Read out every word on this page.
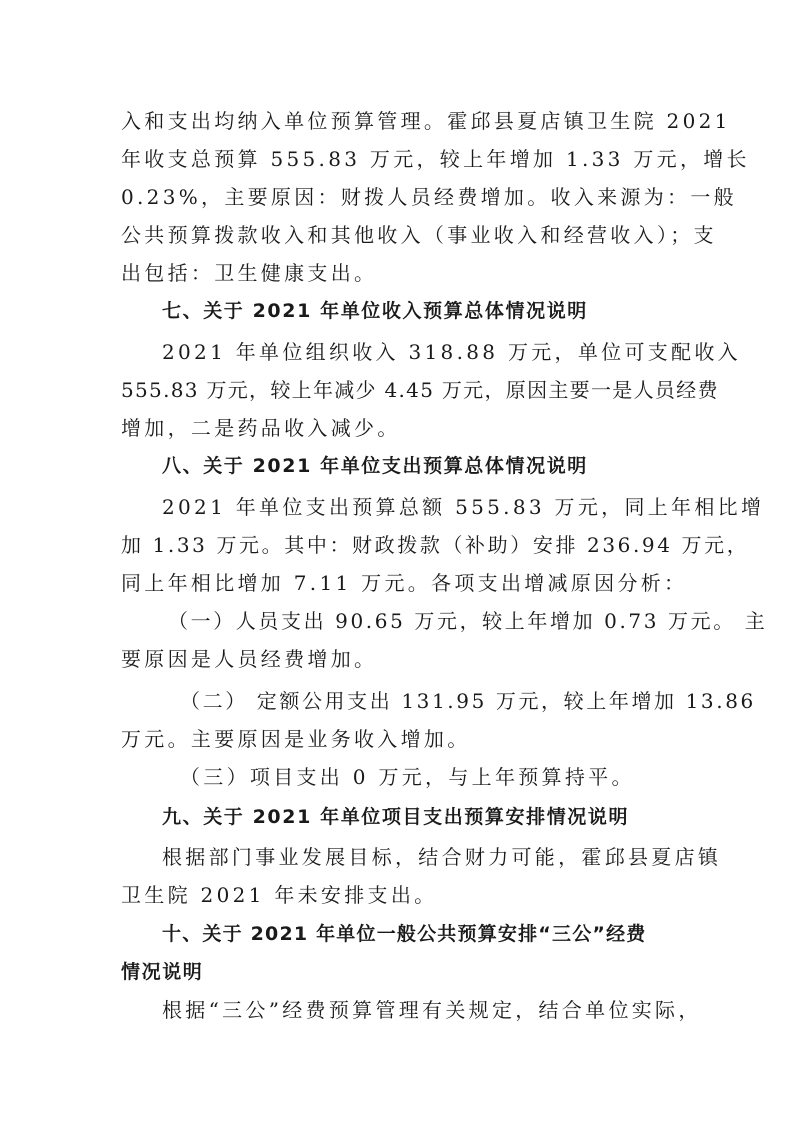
入和支出均纳入单位预算管理。霍邱县夏店镇卫生院 2021
年收支总预算 555.83 万元，较上年增加 1.33 万元，增长
0.23%，主要原因：财拨人员经费增加。收入来源为：一般
公共预算拨款收入和其他收入（事业收入和经营收入）；支
出包括：卫生健康支出。
七、关于 2021 年单位收入预算总体情况说明
2021 年单位组织收入 318.88 万元，单位可支配收入
555.83 万元，较上年减少 4.45 万元，原因主要一是人员经费
增加，二是药品收入减少。
八、关于 2021 年单位支出预算总体情况说明
2021 年单位支出预算总额 555.83 万元，同上年相比增
加 1.33 万元。其中：财政拨款（补助）安排 236.94 万元，
同上年相比增加 7.11 万元。各项支出增减原因分析：
（一）人员支出 90.65 万元，较上年增加 0.73 万元。 主
要原因是人员经费增加。
（二） 定额公用支出 131.95 万元，较上年增加 13.86
万元。主要原因是业务收入增加。
（三）项目支出 0 万元，与上年预算持平。
九、关于 2021 年单位项目支出预算安排情况说明
根据部门事业发展目标，结合财力可能，霍邱县夏店镇
卫生院 2021 年未安排支出。
十、关于 2021 年单位一般公共预算安排“三公”经费
情况说明
根据“三公”经费预算管理有关规定，结合单位实际，
